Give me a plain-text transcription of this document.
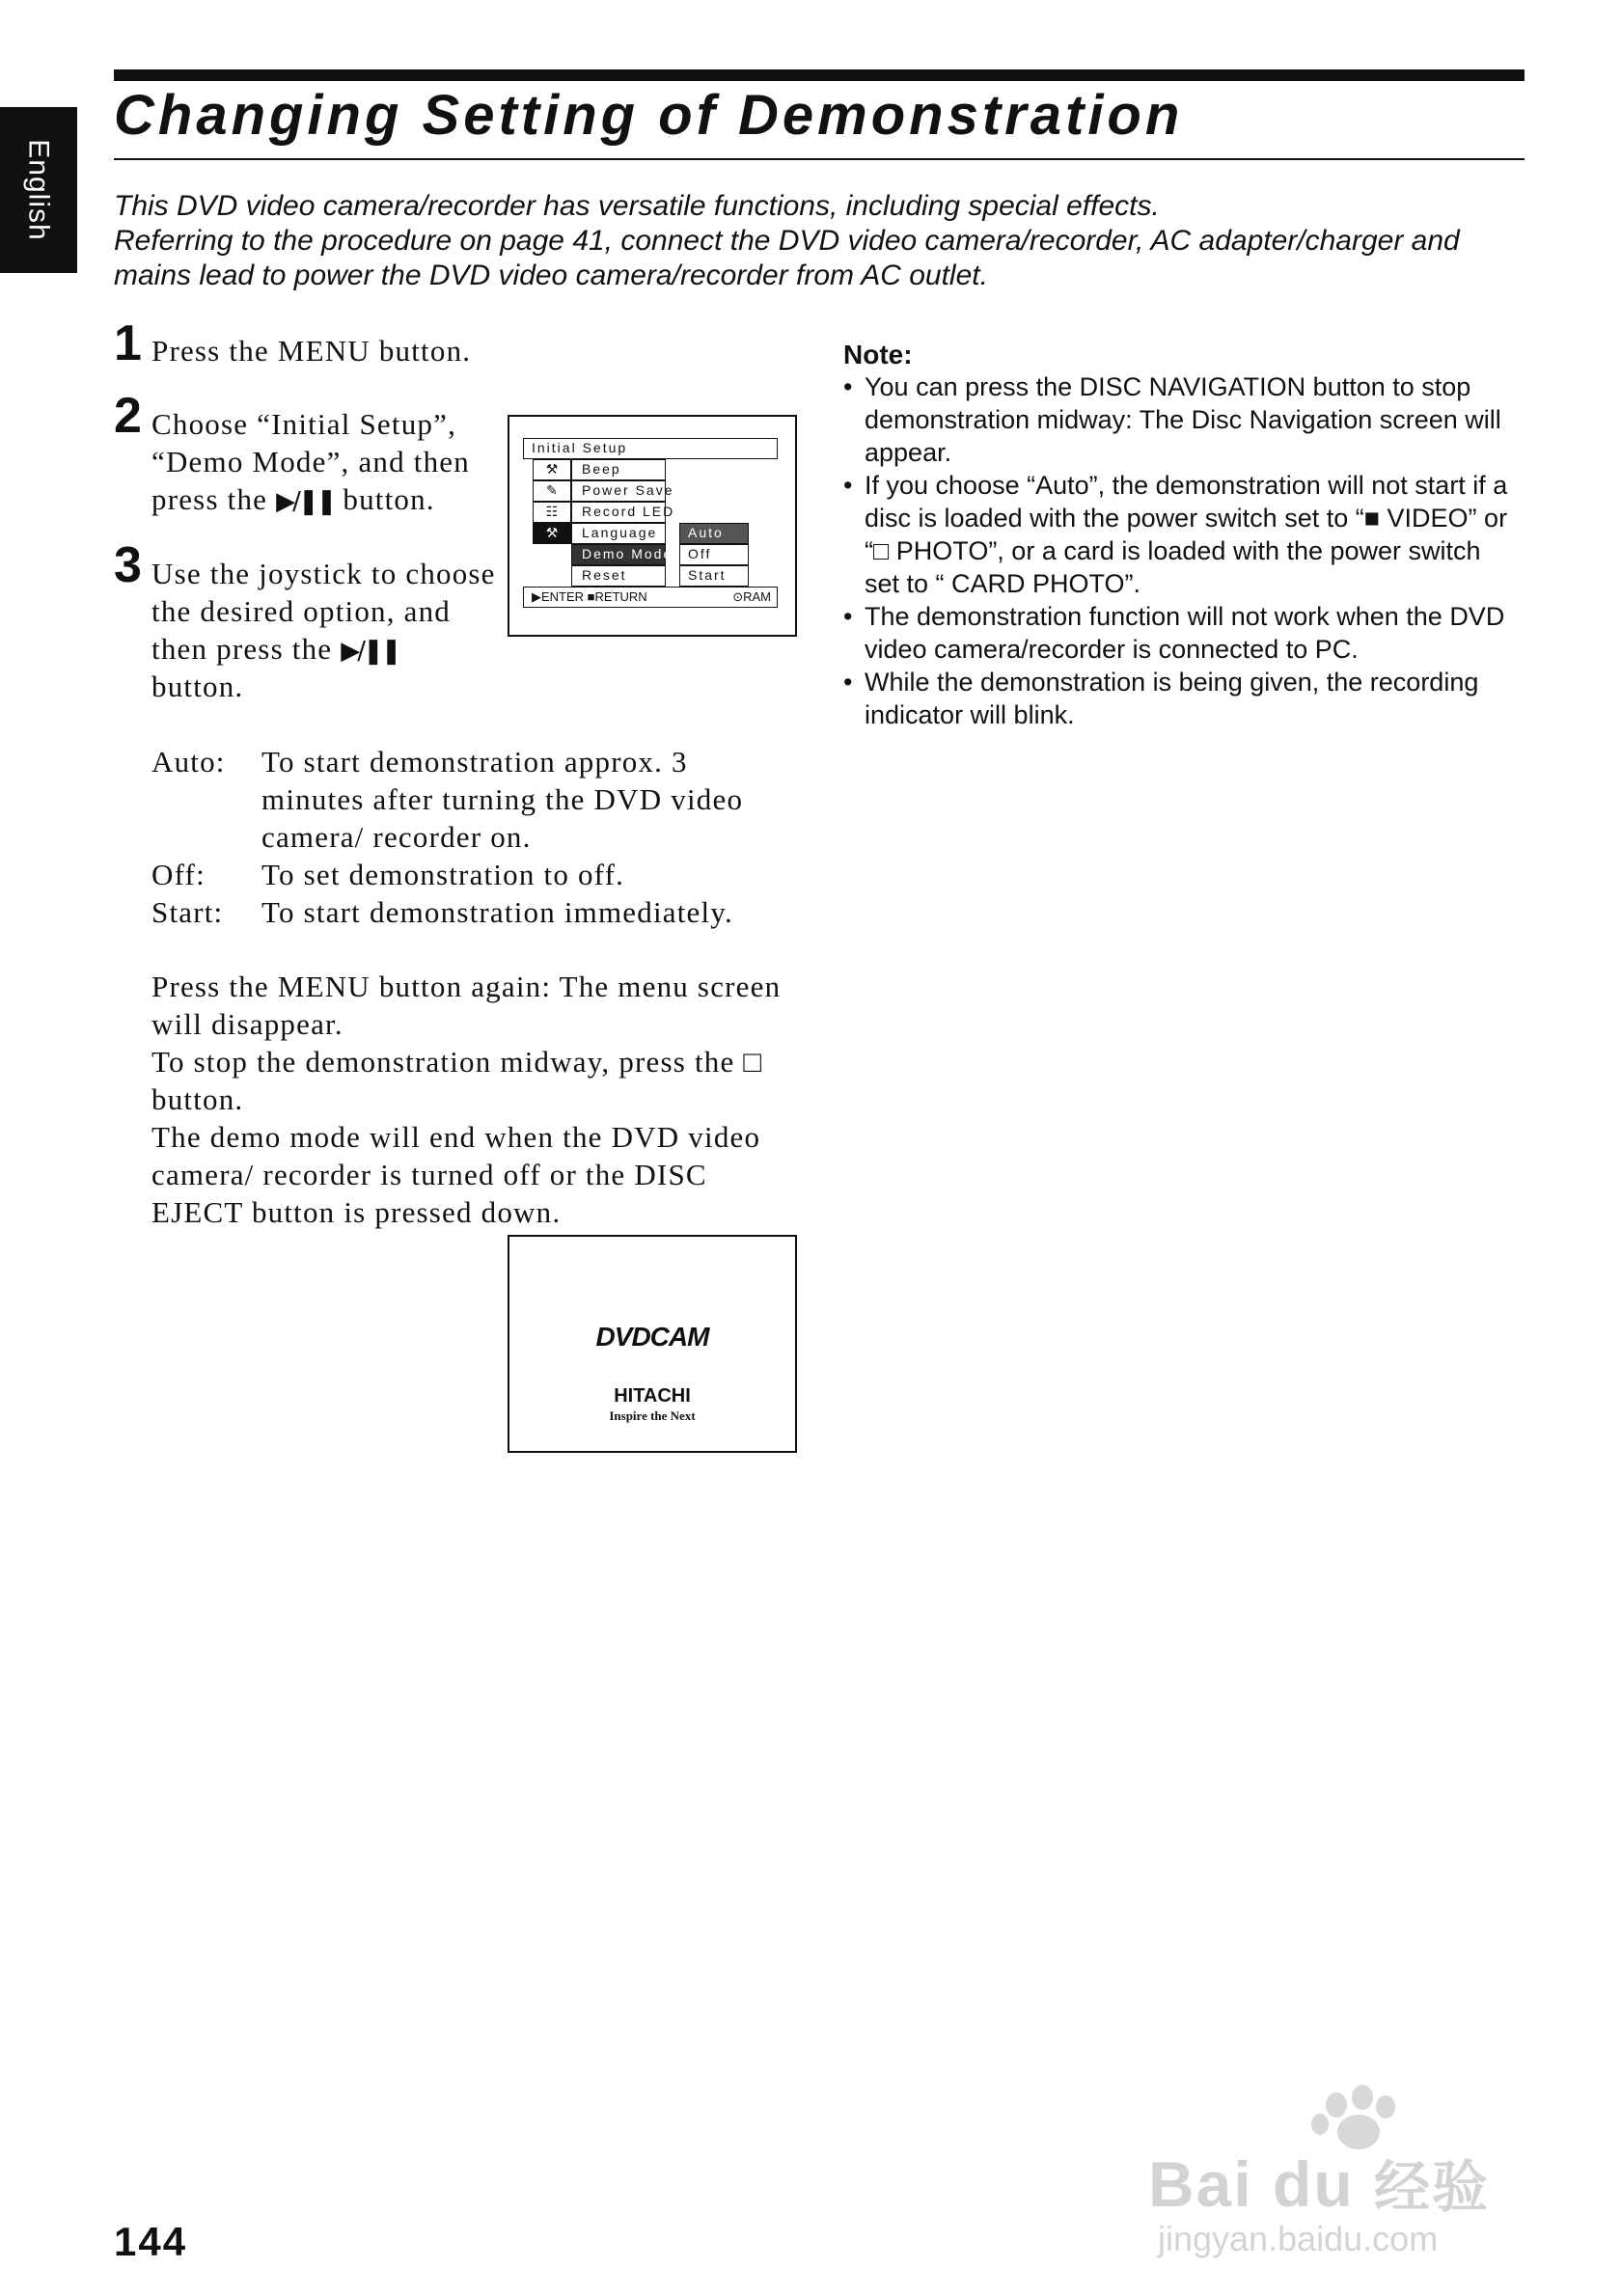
English
Changing Setting of Demonstration
This DVD video camera/recorder has versatile functions, including special effects.
Referring to the procedure on page 41, connect the DVD video camera/recorder, AC adapter/charger and
mains lead to power the DVD video camera/recorder from AC outlet.
1 Press the MENU button.
2 Choose “Initial Setup”,
“Demo Mode”, and then
press the ▶/❚❚ button.
3 Use the joystick to choose
the desired option, and
then press the ▶/❚❚
button.
Initial Setup
⚒
✎
☷
⚒
Beep
Power Save
Record LED
Language
Demo Mode
Reset
Auto
Off
Start
▶ENTER ■RETURN	⊙RAM
Auto: To start demonstration approx. 3
minutes after turning the DVD video
camera/ recorder on.
Off: To set demonstration to off.
Start: To start demonstration immediately.
Press the MENU button again: The menu screen
will disappear.
To stop the demonstration midway, press the □
button.
The demo mode will end when the DVD video
camera/ recorder is turned off or the DISC
EJECT button is pressed down.
DVDCAM
HITACHI
Inspire the Next
Note:
• You can press the DISC NAVIGATION button to stop
demonstration midway: The Disc Navigation screen will
appear.
• If you choose “Auto”, the demonstration will not start if a
disc is loaded with the power switch set to “■ VIDEO” or
“□ PHOTO”, or a card is loaded with the power switch
set to “ CARD PHOTO”.
• The demonstration function will not work when the DVD
video camera/recorder is connected to PC.
• While the demonstration is being given, the recording
indicator will blink.
144
Bai du 经验
jingyan.baidu.com
